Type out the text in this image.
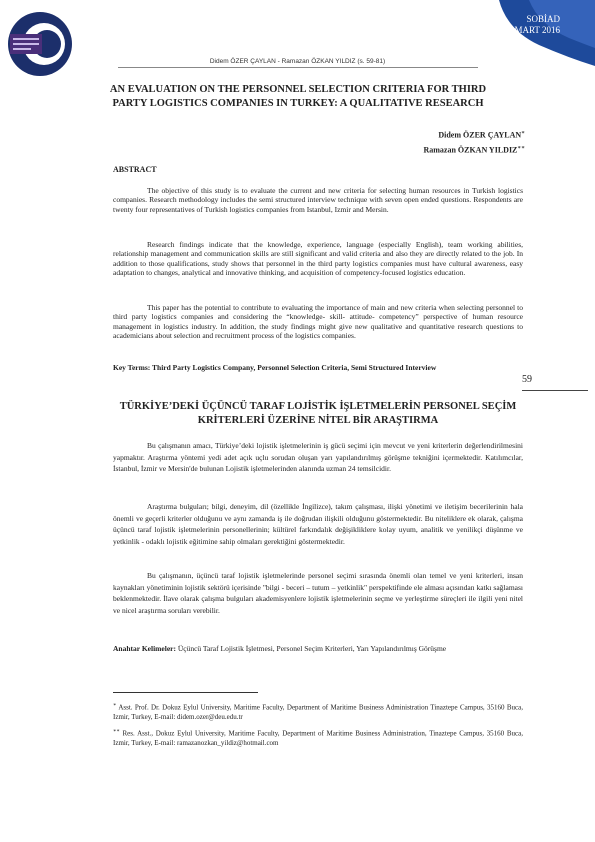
SOBİAD
MART 2016
Didem ÖZER ÇAYLAN - Ramazan ÖZKAN YILDIZ (s. 59-81)
AN EVALUATION ON THE PERSONNEL SELECTION CRITERIA FOR THIRD PARTY LOGISTICS COMPANIES IN TURKEY: A QUALITATIVE RESEARCH
Didem ÖZER ÇAYLAN∗
Ramazan ÖZKAN YILDIZ∗∗
ABSTRACT

The objective of this study is to evaluate the current and new criteria for selecting human resources in Turkish logistics companies. Research methodology includes the semi structured interview technique with seven open ended questions. Respondents are twenty four representatives of Turkish logistics companies from Istanbul, Izmir and Mersin.

Research findings indicate that the knowledge, experience, language (especially English), team working abilities, relationship management and communication skills are still significant and valid criteria and also they are directly related to the job. In addition to those qualifications, study shows that personnel in the third party logistics companies must have cultural awareness, easy adaptation to changes, analytical and innovative thinking, and acquisition of competency-focused logistics education.

This paper has the potential to contribute to evaluating the importance of main and new criteria when selecting personnel to third party logistics companies and considering the “knowledge- skill- attitude- competency” perspective of human resource management in logistics industry. In addition, the study findings might give new qualitative and quantitative research questions to academicians about selection and recruitment process of the logistics companies.

Key Terms: Third Party Logistics Company, Personnel Selection Criteria, Semi Structured Interview

59
TÜRKİYE’DEKİ ÜÇÜNCÜ TARAF LOJİSTİK İŞLETMELERİN PERSONEL SEÇİM KRİTERLERİ ÜZERİNE NİTEL BİR ARAŞTIRMA

Bu çalışmanın amacı, Türkiye’deki lojistik işletmelerinin iş gücü seçimi için mevcut ve yeni kriterlerin değerlendirilmesini yapmaktır. Araştırma yöntemi yedi adet açık uçlu sorudan oluşan yarı yapılandırılmış görüşme tekniğini içermektedir. Katılımcılar, İstanbul, İzmir ve Mersin'de bulunan Lojistik işletmelerinden alanında uzman 24 temsilcidir.

Araştırma bulguları; bilgi, deneyim, dil (özellikle İngilizce), takım çalışması, ilişki yönetimi ve iletişim becerilerinin hala önemli ve geçerli kriterler olduğunu ve aynı zamanda iş ile doğrudan ilişkili olduğunu göstermektedir. Bu niteliklere ek olarak, çalışma üçüncü taraf lojistik işletmelerinin personellerinin; kültürel farkındalık değişikliklere kolay uyum, analitik ve yenilikçi düşünme ve yetkinlik - odaklı lojistik eğitimine sahip olmaları gerektiğini göstermektedir.

Bu çalışmanın, üçüncü taraf lojistik işletmelerinde personel seçimi sırasında önemli olan temel ve yeni kriterleri, insan kaynakları yönetiminin lojistik sektörü içerisinde "bilgi - beceri – tutum – yetkinlik" perspektifinde ele alması açısından katkı sağlaması beklenmektedir. İlave olarak çalışma bulguları akademisyenlere lojistik işletmelerinin seçme ve yerleştirme süreçleri ile ilgili yeni nitel ve nicel araştırma soruları verebilir.

Anahtar Kelimeler: Üçüncü Taraf Lojistik İşletmesi, Personel Seçim Kriterleri, Yarı Yapılandırılmış Görüşme

∗ Asst. Prof. Dr. Dokuz Eylul University, Maritime Faculty, Department of Maritime Business Administration Tinaztepe Campus, 35160 Buca, Izmir, Turkey, E-mail: didem.ozer@deu.edu.tr

∗∗ Res. Asst., Dokuz Eylul University, Maritime Faculty, Department of Maritime Business Administration, Tinaztepe Campus, 35160 Buca, Izmir, Turkey, E-mail: ramazanozkan_yildiz@hotmail.com
